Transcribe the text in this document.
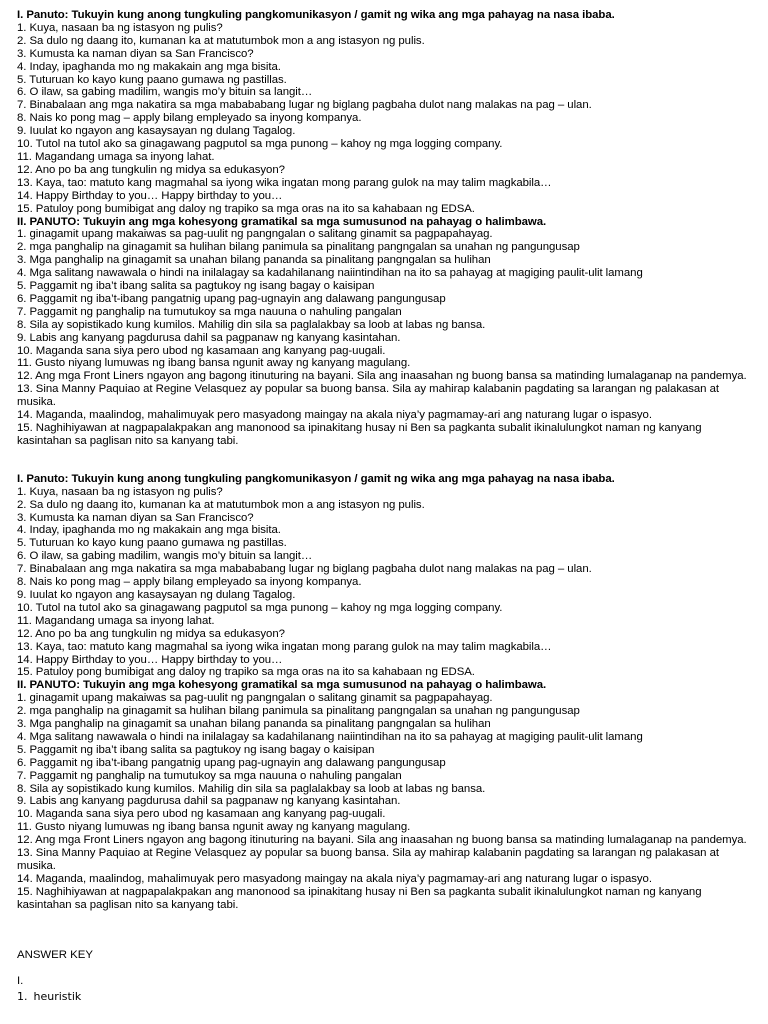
I. Panuto: Tukuyin kung anong tungkuling pangkomunikasyon / gamit ng wika ang mga pahayag na nasa ibaba.
1. Kuya, nasaan ba ng istasyon ng pulis?
2. Sa dulo ng daang ito, kumanan ka at matutumbok mon a ang istasyon ng pulis.
3. Kumusta ka naman diyan sa San Francisco?
4. Inday, ipaghanda mo ng makakain ang mga bisita.
5. Tuturuan ko kayo kung paano gumawa ng pastillas.
6. O ilaw, sa gabing madilim, wangis mo’y bituin sa langit…
7. Binabalaan ang mga nakatira sa mga mabababang lugar ng biglang pagbaha dulot nang malakas na pag – ulan.
8. Nais ko pong mag – apply bilang empleyado sa inyong kompanya.
9. Iuulat ko ngayon ang kasaysayan ng dulang Tagalog.
10. Tutol na tutol ako sa ginagawang pagputol sa mga punong – kahoy ng mga logging company.
11. Magandang umaga sa inyong lahat.
12. Ano po ba ang tungkulin ng midya sa edukasyon?
13. Kaya, tao: matuto kang magmahal sa iyong wika ingatan mong parang gulok na may talim magkabila…
14. Happy Birthday to you… Happy birthday to you…
15. Patuloy pong bumibigat ang daloy ng trapiko sa mga oras na ito sa kahabaan ng EDSA.
II. PANUTO: Tukuyin ang mga kohesyong gramatikal sa mga sumusunod na pahayag o halimbawa.
1. ginagamit upang makaiwas sa pag-uulit ng pangngalan o salitang ginamit sa pagpapahayag.
2. mga panghalip na ginagamit sa hulihan bilang panimula sa pinalitang pangngalan sa unahan ng pangungusap
3. Mga panghalip na ginagamit sa unahan bilang pananda sa pinalitang pangngalan sa hulihan
4. Mga salitang nawawala o hindi na inilalagay sa kadahilanang naiintindihan na ito sa pahayag at magiging paulit-ulit lamang
5. Paggamit ng iba’t ibang salita sa pagtukoy ng isang bagay o kaisipan
6. Paggamit ng iba’t-ibang pangatnig upang pag-ugnayin ang dalawang pangungusap
7. Paggamit ng panghalip na tumutukoy sa mga nauuna o nahuling pangalan
8. Sila ay sopistikado kung kumilos. Mahilig din sila sa paglalakbay sa loob at labas ng bansa.
9. Labis ang kanyang pagdurusa dahil sa pagpanaw ng kanyang kasintahan.
10. Maganda sana siya pero ubod ng kasamaan ang kanyang pag-uugali.
11. Gusto niyang lumuwas ng ibang bansa ngunit away ng kanyang magulang.
12. Ang mga Front Liners ngayon ang bagong itinuturing na bayani. Sila ang inaasahan ng buong bansa sa matinding lumalaganap na pandemya.
13. Sina Manny Paquiao at Regine Velasquez ay popular sa buong bansa. Sila ay mahirap kalabanin pagdating sa larangan ng palakasan at musika.
14. Maganda, maalindog, mahalimuyak pero masyadong maingay na akala niya’y pagmamay-ari ang naturang lugar o ispasyo.
15. Naghihiyawan at nagpapalakpakan ang manonood sa ipinakitang husay ni Ben sa pagkanta subalit ikinalulungkot naman ng kanyang kasintahan sa paglisan nito sa kanyang tabi.
I. Panuto: Tukuyin kung anong tungkuling pangkomunikasyon / gamit ng wika ang mga pahayag na nasa ibaba.
1. Kuya, nasaan ba ng istasyon ng pulis?
2. Sa dulo ng daang ito, kumanan ka at matutumbok mon a ang istasyon ng pulis.
3. Kumusta ka naman diyan sa San Francisco?
4. Inday, ipaghanda mo ng makakain ang mga bisita.
5. Tuturuan ko kayo kung paano gumawa ng pastillas.
6. O ilaw, sa gabing madilim, wangis mo’y bituin sa langit…
7. Binabalaan ang mga nakatira sa mga mabababang lugar ng biglang pagbaha dulot nang malakas na pag – ulan.
8. Nais ko pong mag – apply bilang empleyado sa inyong kompanya.
9. Iuulat ko ngayon ang kasaysayan ng dulang Tagalog.
10. Tutol na tutol ako sa ginagawang pagputol sa mga punong – kahoy ng mga logging company.
11. Magandang umaga sa inyong lahat.
12. Ano po ba ang tungkulin ng midya sa edukasyon?
13. Kaya, tao: matuto kang magmahal sa iyong wika ingatan mong parang gulok na may talim magkabila…
14. Happy Birthday to you… Happy birthday to you…
15. Patuloy pong bumibigat ang daloy ng trapiko sa mga oras na ito sa kahabaan ng EDSA.
II. PANUTO: Tukuyin ang mga kohesyong gramatikal sa mga sumusunod na pahayag o halimbawa.
1. ginagamit upang makaiwas sa pag-uulit ng pangngalan o salitang ginamit sa pagpapahayag.
2. mga panghalip na ginagamit sa hulihan bilang panimula sa pinalitang pangngalan sa unahan ng pangungusap
3. Mga panghalip na ginagamit sa unahan bilang pananda sa pinalitang pangngalan sa hulihan
4. Mga salitang nawawala o hindi na inilalagay sa kadahilanang naiintindihan na ito sa pahayag at magiging paulit-ulit lamang
5. Paggamit ng iba’t ibang salita sa pagtukoy ng isang bagay o kaisipan
6. Paggamit ng iba’t-ibang pangatnig upang pag-ugnayin ang dalawang pangungusap
7. Paggamit ng panghalip na tumutukoy sa mga nauuna o nahuling pangalan
8. Sila ay sopistikado kung kumilos. Mahilig din sila sa paglalakbay sa loob at labas ng bansa.
9. Labis ang kanyang pagdurusa dahil sa pagpanaw ng kanyang kasintahan.
10. Maganda sana siya pero ubod ng kasamaan ang kanyang pag-uugali.
11. Gusto niyang lumuwas ng ibang bansa ngunit away ng kanyang magulang.
12. Ang mga Front Liners ngayon ang bagong itinuturing na bayani. Sila ang inaasahan ng buong bansa sa matinding lumalaganap na pandemya.
13. Sina Manny Paquiao at Regine Velasquez ay popular sa buong bansa. Sila ay mahirap kalabanin pagdating sa larangan ng palakasan at musika.
14. Maganda, maalindog, mahalimuyak pero masyadong maingay na akala niya’y pagmamay-ari ang naturang lugar o ispasyo.
15. Naghihiyawan at nagpapalakpakan ang manonood sa ipinakitang husay ni Ben sa pagkanta subalit ikinalulungkot naman ng kanyang kasintahan sa paglisan nito sa kanyang tabi.
ANSWER KEY
I.
1. heuristik
